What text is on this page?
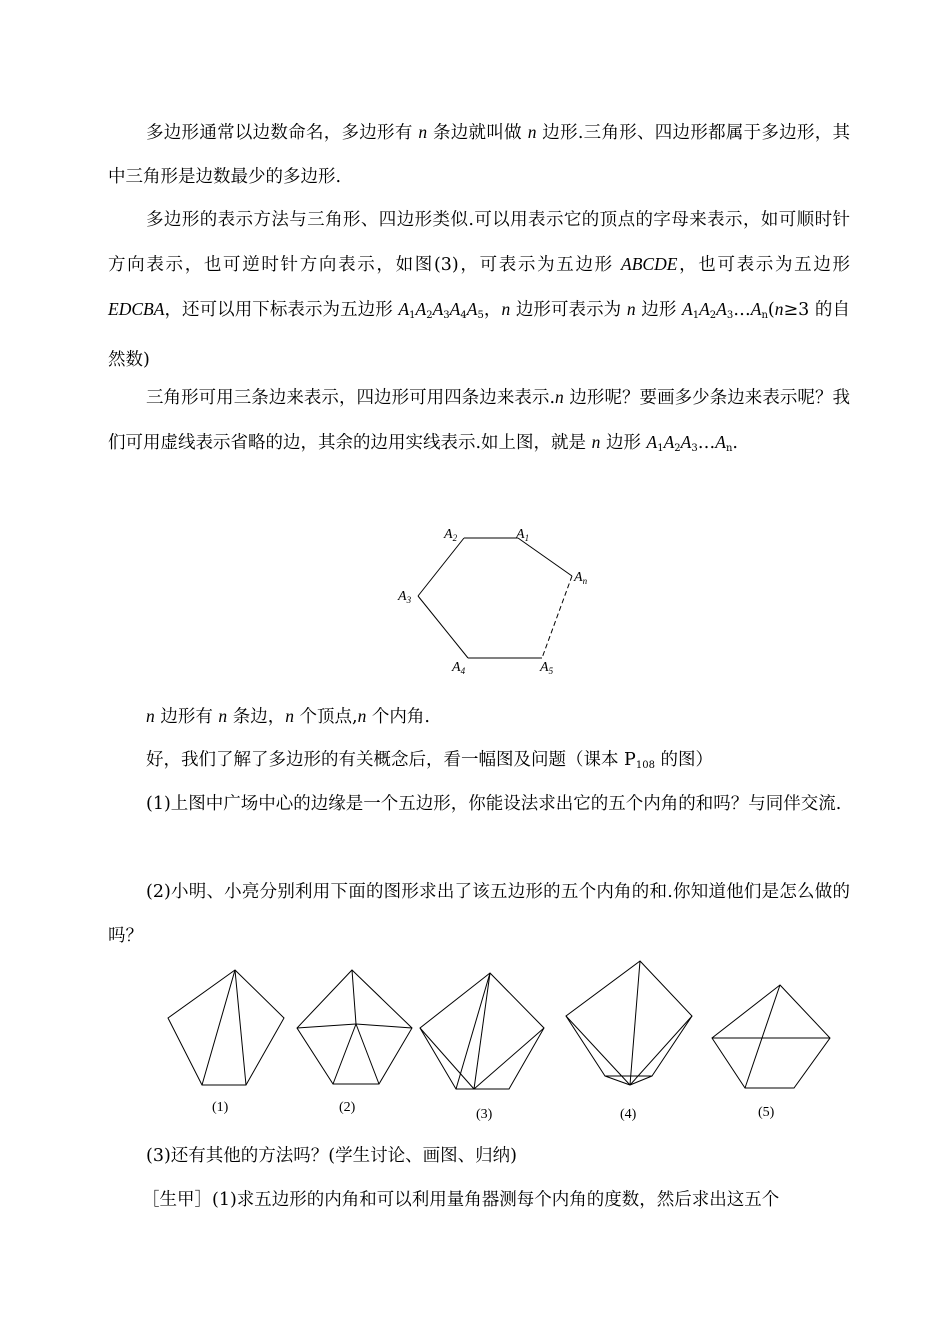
多边形通常以边数命名，多边形有 n 条边就叫做 n 边形.三角形、四边形都属于多边形，其中三角形是边数最少的多边形.

多边形的表示方法与三角形、四边形类似.可以用表示它的顶点的字母来表示，如可顺时针方向表示，也可逆时针方向表示，如图(3)，可表示为五边形 ABCDE，也可表示为五边形 EDCBA，还可以用下标表示为五边形 $A_1A_2A_3A_4A_5$，n 边形可表示为 n 边形 $A_1A_2A_3\dots A_n(n\ge 3$ 的自然数)

三角形可用三条边来表示，四边形可用四条边来表示.n 边形呢？要画多少条边来表示呢？我们可用虚线表示省略的边，其余的边用实线表示.如上图，就是 n 边形 $A_1A_2A_3\dots A_n$.

$A_2$	$A_1$
$A_n$
$A_3$
$A_4$	$A_5$

n 边形有 n 条边，n 个顶点,n 个内角.

好，我们了解了多边形的有关概念后，看一幅图及问题（课本 $P_{108}$ 的图）

(1)上图中广场中心的边缘是一个五边形，你能设法求出它的五个内角的和吗？与同伴交流.

(2)小明、小亮分别利用下面的图形求出了该五边形的五个内角的和.你知道他们是怎么做的吗？

(1)	(2)	(3)	(4)	(5)

(3)还有其他的方法吗？(学生讨论、画图、归纳)

［生甲］(1)求五边形的内角和可以利用量角器测每个内角的度数，然后求出这五个
